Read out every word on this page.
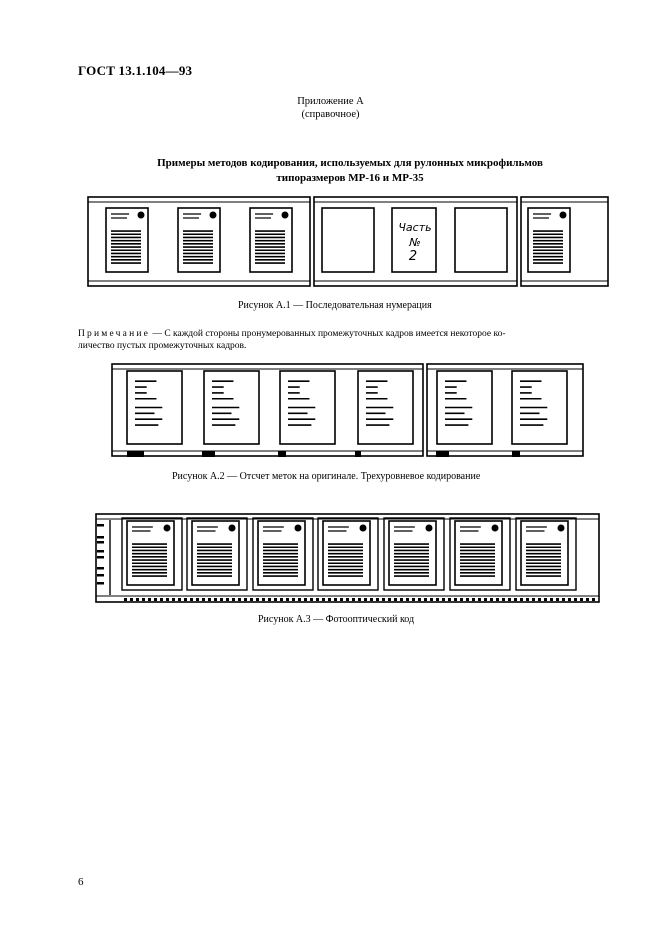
ГОСТ 13.1.104—93
Приложение А
(справочное)
Примеры методов кодирования, используемых для рулонных микрофильмов
типоразмеров МР-16 и МР-35
Часть
№
2
Рисунок А.1 — Последовательная нумерация
Примечание — С каждой стороны пронумерованных промежуточных кадров имеется некоторое ко-
личество пустых промежуточных кадров.
Рисунок А.2 — Отсчет меток на оригинале. Трехуровневое кодирование
Рисунок А.3 — Фотооптический код
6
